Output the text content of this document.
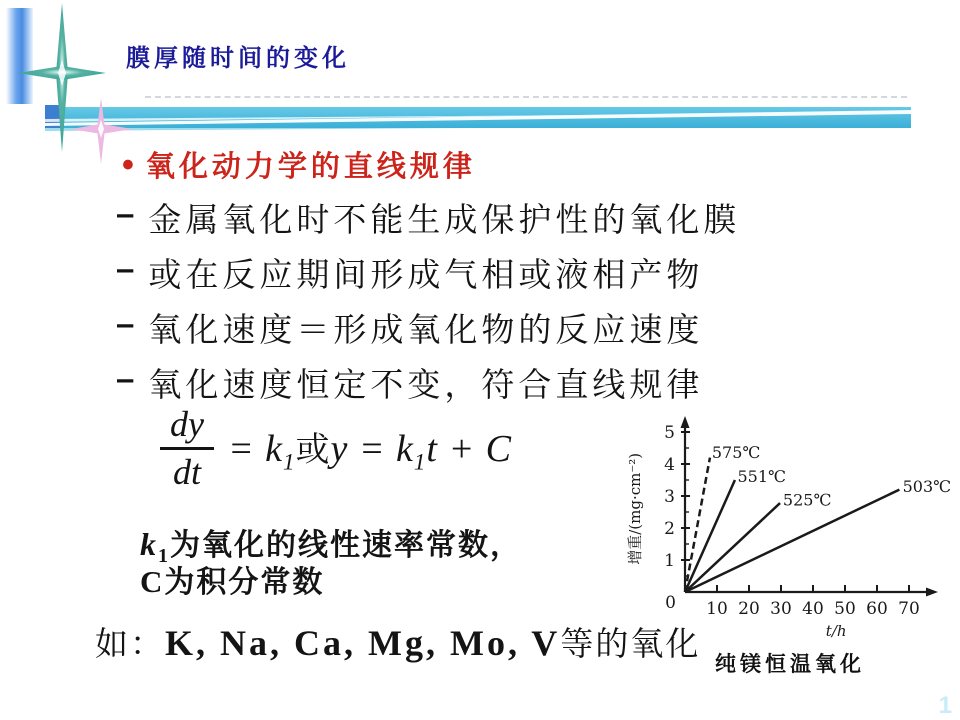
膜厚随时间的变化
• 氧化动力学的直线规律
– 金属氧化时不能生成保护性的氧化膜
– 或在反应期间形成气相或液相产物
– 氧化速度＝形成氧化物的反应速度
– 氧化速度恒定不变，符合直线规律
$\frac{dy}{dt} = k_1$或$y = k_1t + C$
$k_1$为氧化的线性速率常数，
C为积分常数
如：K, Na, Ca, Mg, Mo, V等的氧化
10 20 30 40 50 60 70
0
1
2
3
4
5
575℃
551℃
525℃
503℃
t/h
增重/(mg·cm⁻²)
纯镁恒温氧化
1
